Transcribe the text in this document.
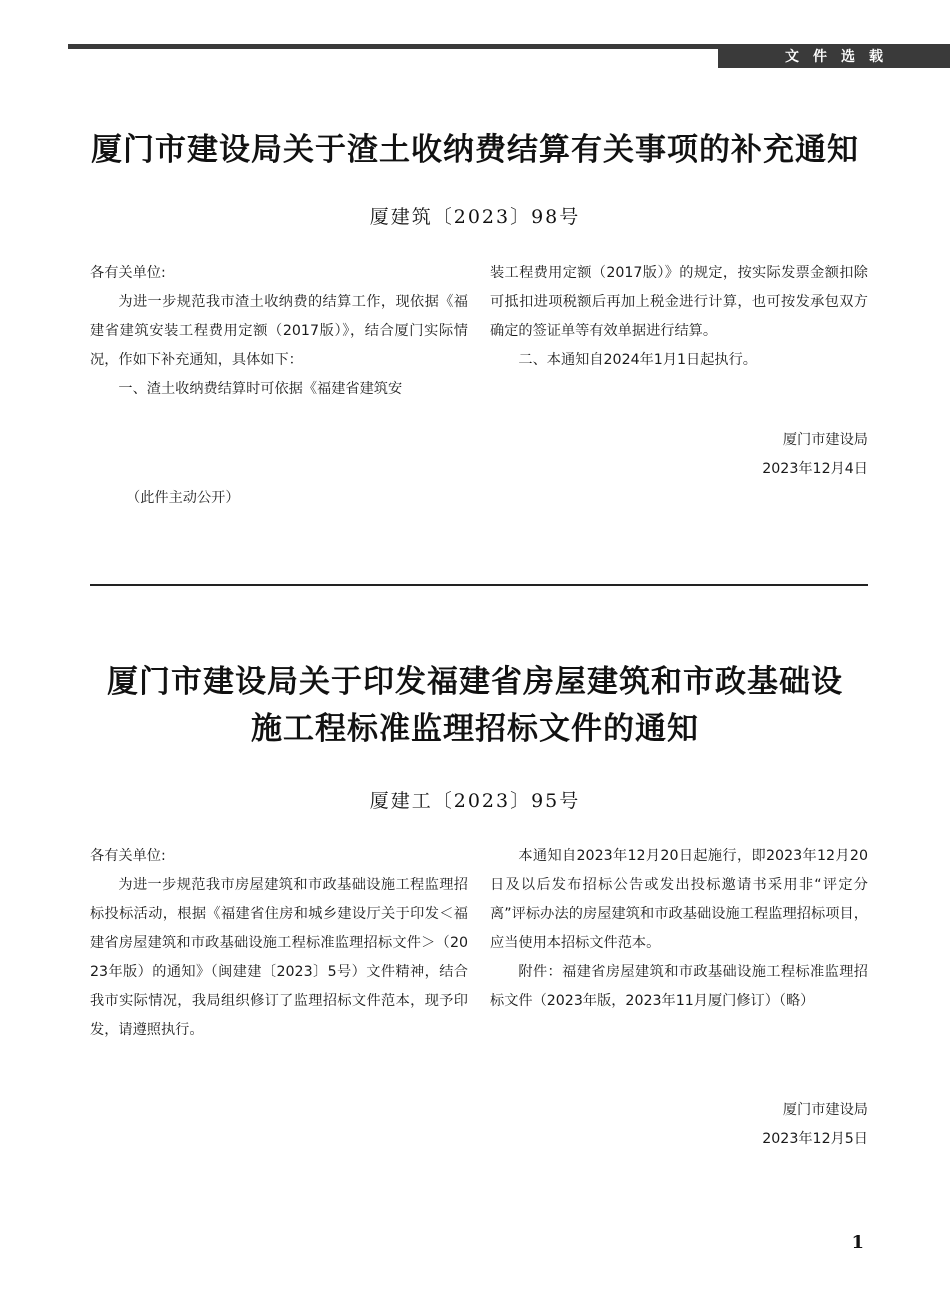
文件选载
厦门市建设局关于渣土收纳费结算有关事项的补充通知
厦建筑〔2023〕98号

各有关单位:

为进一步规范我市渣土收纳费的结算工作，现依据《福建省建筑安装工程费用定额（2017版）》，结合厦门实际情况，作如下补充通知，具体如下：

一、渣土收纳费结算时可依据《福建省建筑安

装工程费用定额（2017版）》的规定，按实际发票金额扣除可抵扣进项税额后再加上税金进行计算，也可按发承包双方确定的签证单等有效单据进行结算。

二、本通知自2024年1月1日起执行。

厦门市建设局
2023年12月4日
（此件主动公开）
厦门市建设局关于印发福建省房屋建筑和市政基础设
施工程标准监理招标文件的通知
厦建工〔2023〕95号

各有关单位:

为进一步规范我市房屋建筑和市政基础设施工程监理招标投标活动，根据《福建省住房和城乡建设厅关于印发＜福建省房屋建筑和市政基础设施工程标准监理招标文件＞（2023年版）的通知》（闽建建〔2023〕5号）文件精神，结合我市实际情况，我局组织修订了监理招标文件范本，现予印发，请遵照执行。

本通知自2023年12月20日起施行，即2023年12月20日及以后发布招标公告或发出投标邀请书采用非“评定分离”评标办法的房屋建筑和市政基础设施工程监理招标项目，应当使用本招标文件范本。

附件：福建省房屋建筑和市政基础设施工程标准监理招标文件（2023年版，2023年11月厦门修订）（略）

厦门市建设局
2023年12月5日
1
